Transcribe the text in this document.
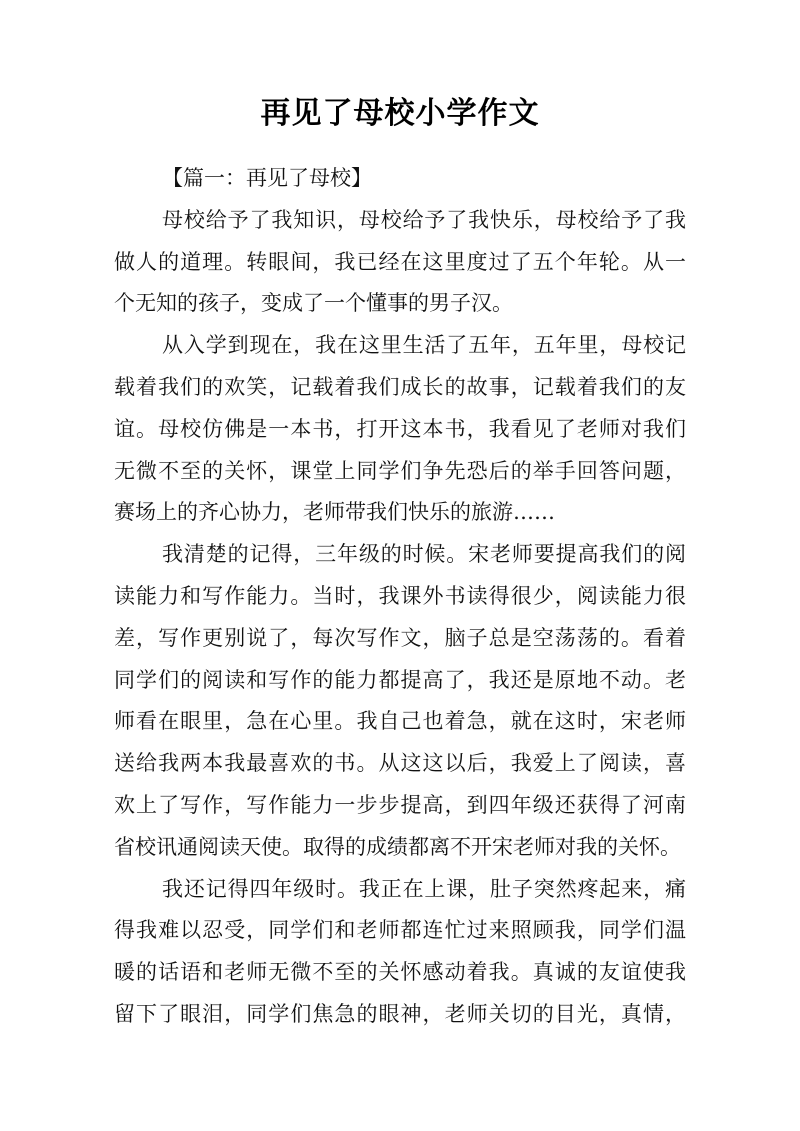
再见了母校小学作文
【篇一：再见了母校】
母校给予了我知识，母校给予了我快乐，母校给予了我
做人的道理。转眼间，我已经在这里度过了五个年轮。从一
个无知的孩子，变成了一个懂事的男子汉。
从入学到现在，我在这里生活了五年，五年里，母校记
载着我们的欢笑，记载着我们成长的故事，记载着我们的友
谊。母校仿佛是一本书，打开这本书，我看见了老师对我们
无微不至的关怀，课堂上同学们争先恐后的举手回答问题，
赛场上的齐心协力，老师带我们快乐的旅游……
我清楚的记得，三年级的时候。宋老师要提高我们的阅
读能力和写作能力。当时，我课外书读得很少，阅读能力很
差，写作更别说了，每次写作文，脑子总是空荡荡的。看着
同学们的阅读和写作的能力都提高了，我还是原地不动。老
师看在眼里，急在心里。我自己也着急，就在这时，宋老师
送给我两本我最喜欢的书。从这这以后，我爱上了阅读，喜
欢上了写作，写作能力一步步提高，到四年级还获得了河南
省校讯通阅读天使。取得的成绩都离不开宋老师对我的关怀。
我还记得四年级时。我正在上课，肚子突然疼起来，痛
得我难以忍受，同学们和老师都连忙过来照顾我，同学们温
暖的话语和老师无微不至的关怀感动着我。真诚的友谊使我
留下了眼泪，同学们焦急的眼神，老师关切的目光，真情，
